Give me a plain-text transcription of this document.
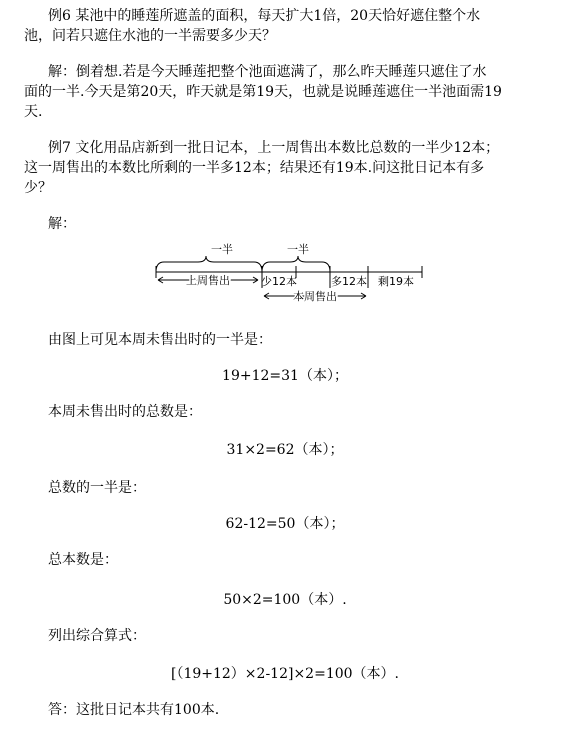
例6 某池中的睡莲所遮盖的面积，每天扩大1倍，20天恰好遮住整个水
池，问若只遮住水池的一半需要多少天？
解：倒着想.若是今天睡莲把整个池面遮满了，那么昨天睡莲只遮住了水
面的一半.今天是第20天，昨天就是第19天，也就是说睡莲遮住一半池面需19
天.
例7 文化用品店新到一批日记本，上一周售出本数比总数的一半少12本；
这一周售出的本数比所剩的一半多12本；结果还有19本.问这批日记本有多
少？
解：
一半	一半
上周售出	少12本	多12本 剩19本
本周售出
由图上可见本周未售出时的一半是：
19+12=31（本）；
本周未售出时的总数是：
31×2=62（本）；
总数的一半是：
62-12=50（本）；
总本数是：
50×2=100（本）.
列出综合算式：
[（19+12）×2-12]×2=100（本）.
答：这批日记本共有100本.
